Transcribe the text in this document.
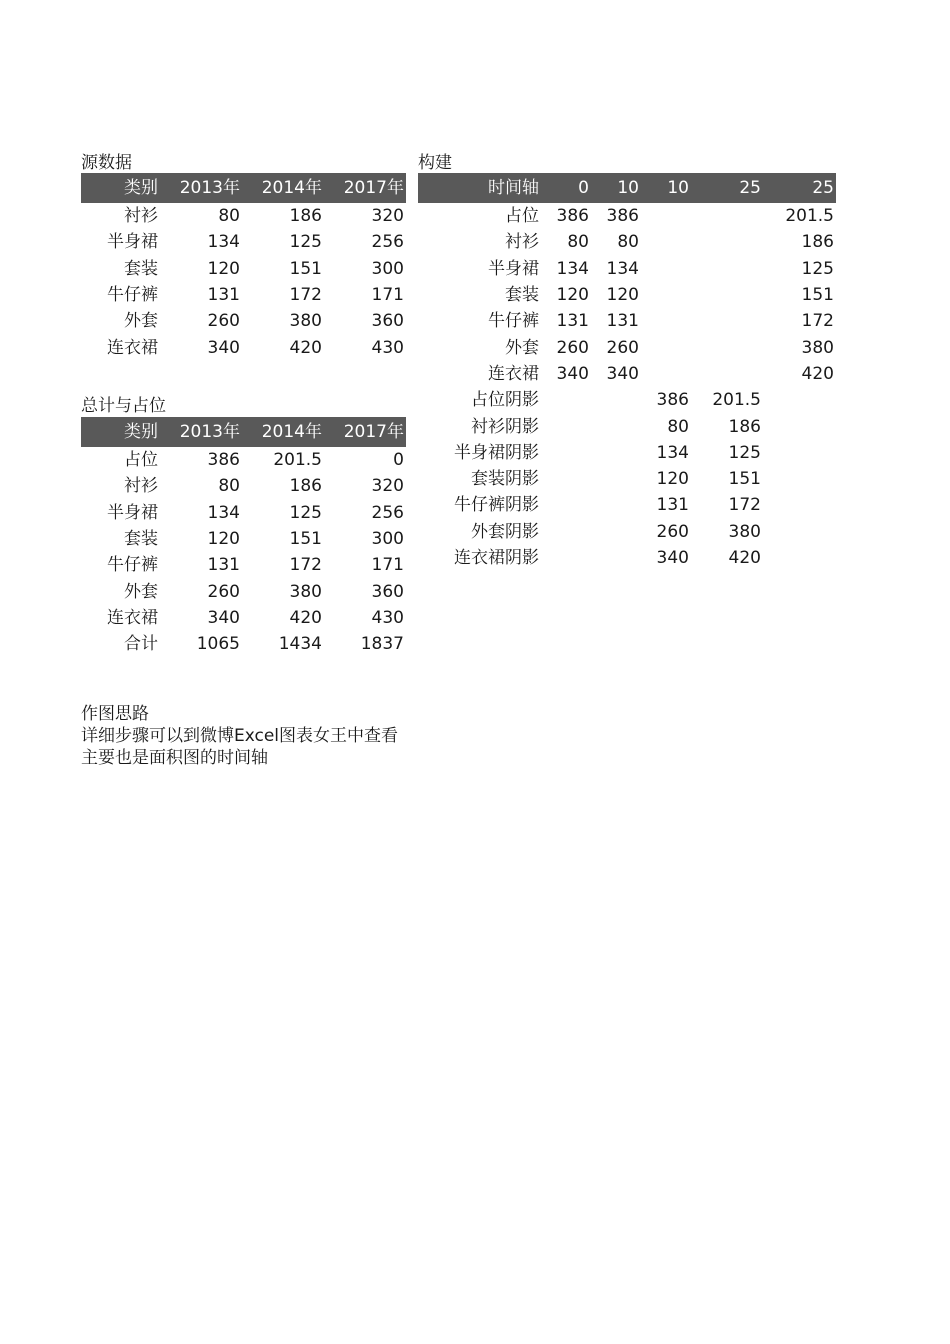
源数据
类别	2013年	2014年	2017年
衬衫	80	186	320
半身裙	134	125	256
套装	120	151	300
牛仔裤	131	172	171
外套	260	380	360
连衣裙	340	420	430
总计与占位
类别	2013年	2014年	2017年
占位	386	201.5	0
衬衫	80	186	320
半身裙	134	125	256
套装	120	151	300
牛仔裤	131	172	171
外套	260	380	360
连衣裙	340	420	430
合计	1065	1434	1837
构建
时间轴	0	10	10	25	25
占位	386	386			201.5
衬衫	80	80			186
半身裙	134	134			125
套装	120	120			151
牛仔裤	131	131			172
外套	260	260			380
连衣裙	340	340			420
占位阴影			386	201.5	
衬衫阴影			80	186	
半身裙阴影			134	125	
套装阴影			120	151	
牛仔裤阴影			131	172	
外套阴影			260	380	
连衣裙阴影			340	420	
作图思路
详细步骤可以到微博Excel图表女王中查看
主要也是面积图的时间轴
